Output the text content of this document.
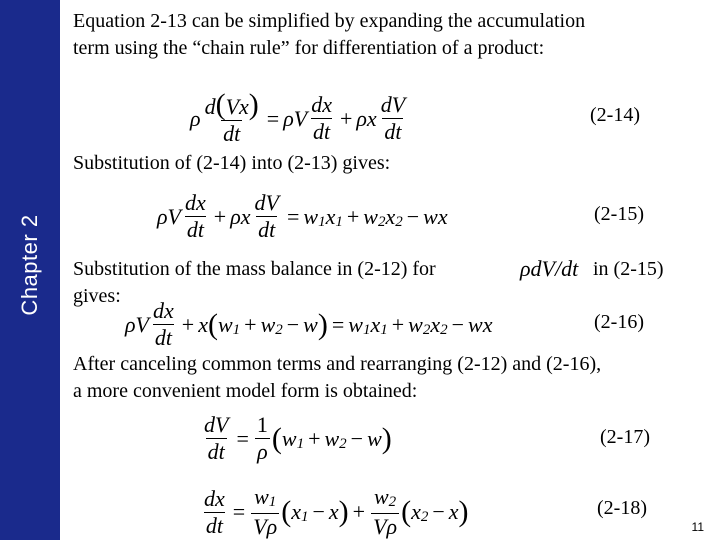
Chapter 2
Equation 2-13 can be simplified by expanding the accumulation
term using the “chain rule” for differentiation of a product:
ρ $\frac{d(Vx)}{dt} = \rho V \frac{dx}{dt} + \rho x \frac{dV}{dt}$	(2-14)
Substitution of (2-14) into (2-13) gives:
ρV $\frac{dx}{dt} + \rho x \frac{dV}{dt} = w_1x_1 + w_2x_2$ − wx	(2-15)
Substitution of the mass balance in (2-12) for
gives:
ρdV/dt in (2-15)
ρV $\frac{dx}{dt} + x$ ( $w_1 + w_2 - w$ ) = $w_1x_1 + w_2x_2$ − wx	(2-16)
After canceling common terms and rearranging (2-12) and (2-16),
a more convenient model form is obtained:
$\frac{dV}{dt} = \frac{1}{\rho}$ ( $w_1 + w_2 - w$ )	(2-17)
$\frac{dx}{dt} = \frac{w_1}{V\rho}$ ( $x_1 - x$ ) + $\frac{w_2}{V\rho}$ ( $x_2 - x$ )	(2-18)
11
